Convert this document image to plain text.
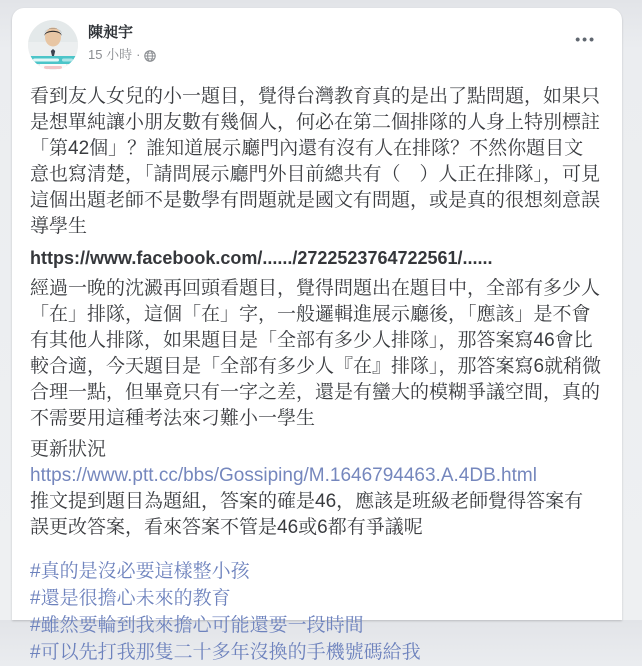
陳昶宇
15 小時 ·
•••

看到友人女兒的小一題目，覺得台灣教育真的是出了點問題，如果只是想單純讓小朋友數有幾個人，何必在第二個排隊的人身上特別標註「第42個」？誰知道展示廳門內還有沒有人在排隊？不然你題目文意也寫清楚，「請問展示廳門外目前總共有（　）人正在排隊」，可見這個出題老師不是數學有問題就是國文有問題，或是真的很想刻意誤導學生

https://www.facebook.com/....../2722523764722561/......

經過一晚的沈澱再回頭看題目，覺得問題出在題目中，全部有多少人「在」排隊，這個「在」字，一般邏輯進展示廳後，「應該」是不會有其他人排隊，如果題目是「全部有多少人排隊」，那答案寫46會比較合適，今天題目是「全部有多少人『在』排隊」，那答案寫6就稍微合理一點，但畢竟只有一字之差，還是有蠻大的模糊爭議空間，真的不需要用這種考法來刁難小一學生

更新狀況
https://www.ptt.cc/bbs/Gossiping/M.1646794463.A.4DB.html
推文提到題目為題組，答案的確是46，應該是班級老師覺得答案有誤更改答案，看來答案不管是46或6都有爭議呢
#真的是沒必要這樣整小孩
#還是很擔心未來的教育
#雖然要輪到我來擔心可能還要一段時間
#可以先打我那隻二十多年沒換的手機號碼給我
